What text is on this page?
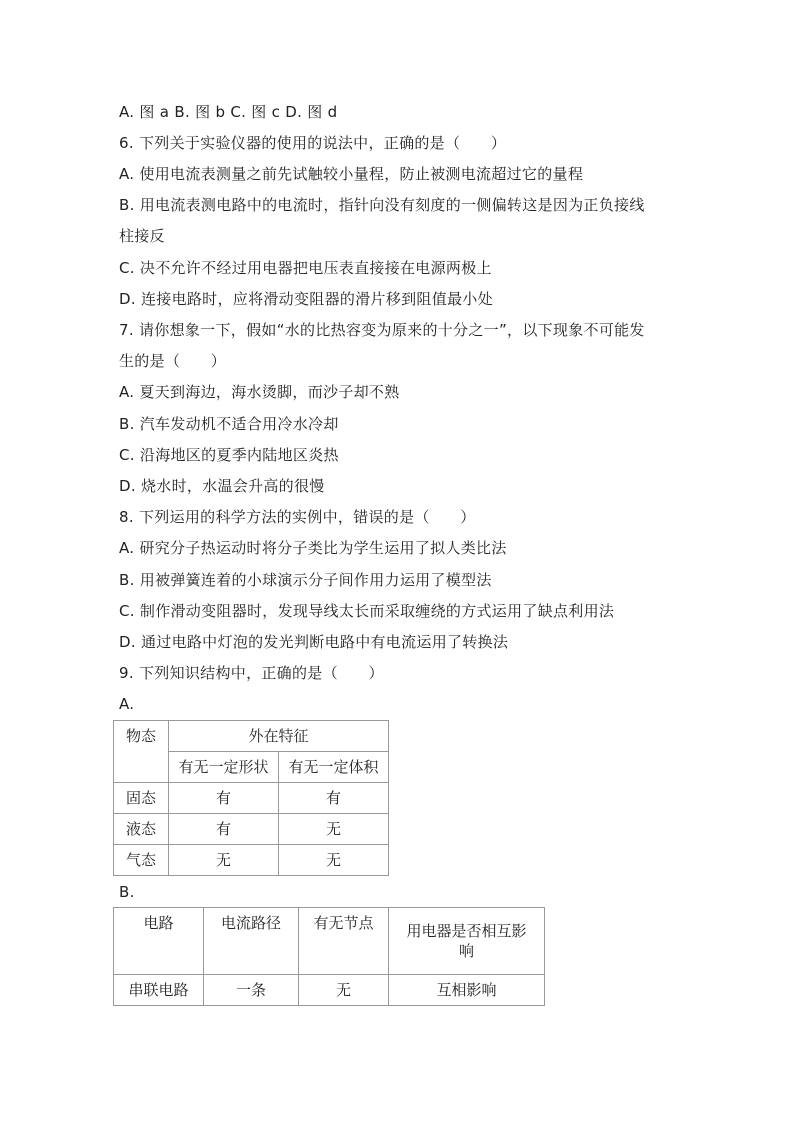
A. 图 a B. 图 b C. 图 c D. 图 d
6. 下列关于实验仪器的使用的说法中，正确的是（　　）
A. 使用电流表测量之前先试触较小量程，防止被测电流超过它的量程
B. 用电流表测电路中的电流时，指针向没有刻度的一侧偏转这是因为正负接线
柱接反
C. 决不允许不经过用电器把电压表直接接在电源两极上
D. 连接电路时，应将滑动变阻器的滑片移到阻值最小处
7. 请你想象一下，假如“水的比热容变为原来的十分之一”，以下现象不可能发
生的是（　　）
A. 夏天到海边，海水烫脚，而沙子却不熟
B. 汽车发动机不适合用冷水冷却
C. 沿海地区的夏季内陆地区炎热
D. 烧水时，水温会升高的很慢
8. 下列运用的科学方法的实例中，错误的是（　　）
A. 研究分子热运动时将分子类比为学生运用了拟人类比法
B. 用被弹簧连着的小球演示分子间作用力运用了模型法
C. 制作滑动变阻器时，发现导线太长而采取缠绕的方式运用了缺点利用法
D. 通过电路中灯泡的发光判断电路中有电流运用了转换法
9. 下列知识结构中，正确的是（　　）
A.
物态	外在特征	
	有无一定形状	有无一定体积
固态	有	有
液态	有	无
气态	无	无
B.
电路	电流路径	有无节点	用电器是否相互影
响

串联电路	一条	无	互相影响
